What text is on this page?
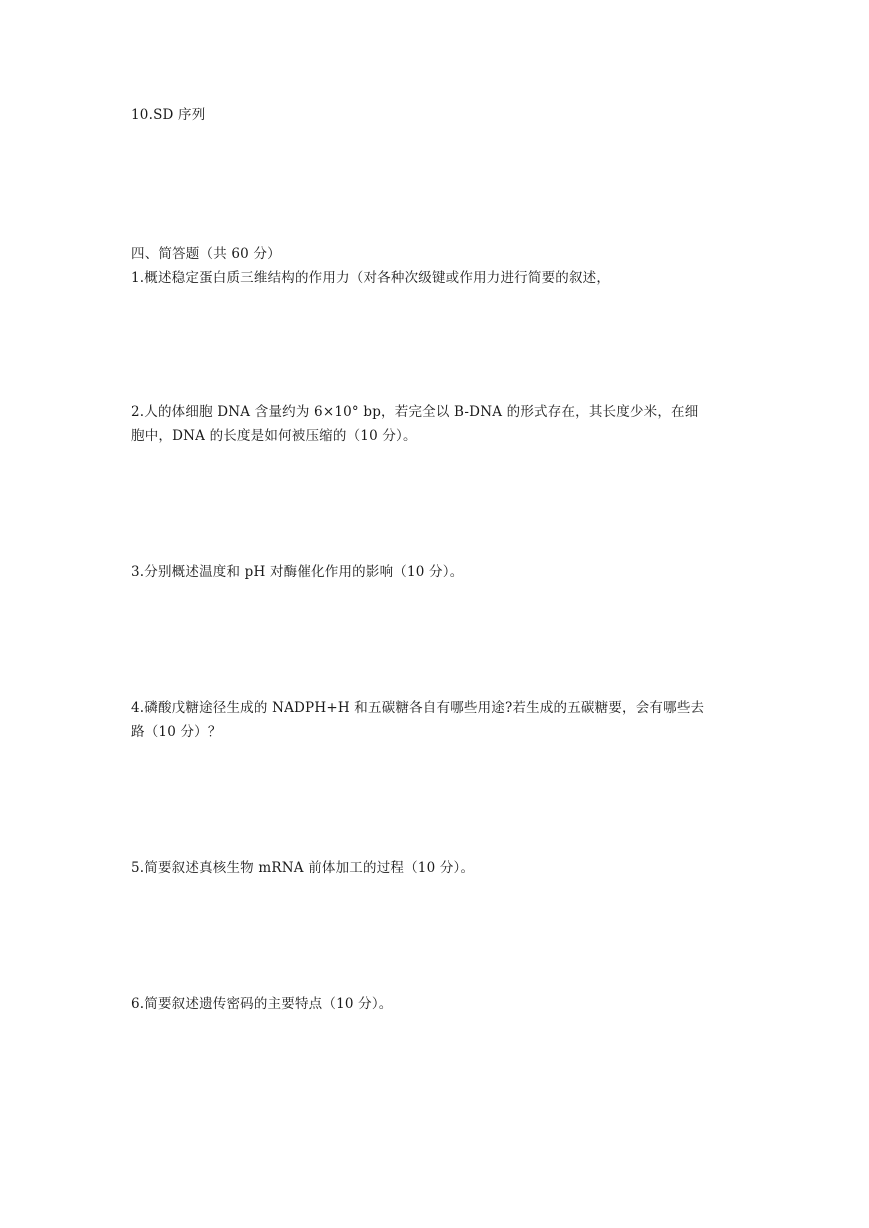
10.SD 序列
四、简答题（共 60 分）
1.概述稳定蛋白质三维结构的作用力（对各种次级键或作用力进行简要的叙述，
2.人的体细胞 DNA 含量约为 6×10° bp，若完全以 B-DNA 的形式存在，其长度少米，在细
胞中，DNA 的长度是如何被压缩的（10 分）。
3.分别概述温度和 pH 对酶催化作用的影响（10 分）。
4.磷酸戊糖途径生成的 NADPH+H 和五碳糖各自有哪些用途?若生成的五碳糖要，会有哪些去
路（10 分）？
5.简要叙述真核生物 mRNA 前体加工的过程（10 分）。
6.简要叙述遗传密码的主要特点（10 分）。
